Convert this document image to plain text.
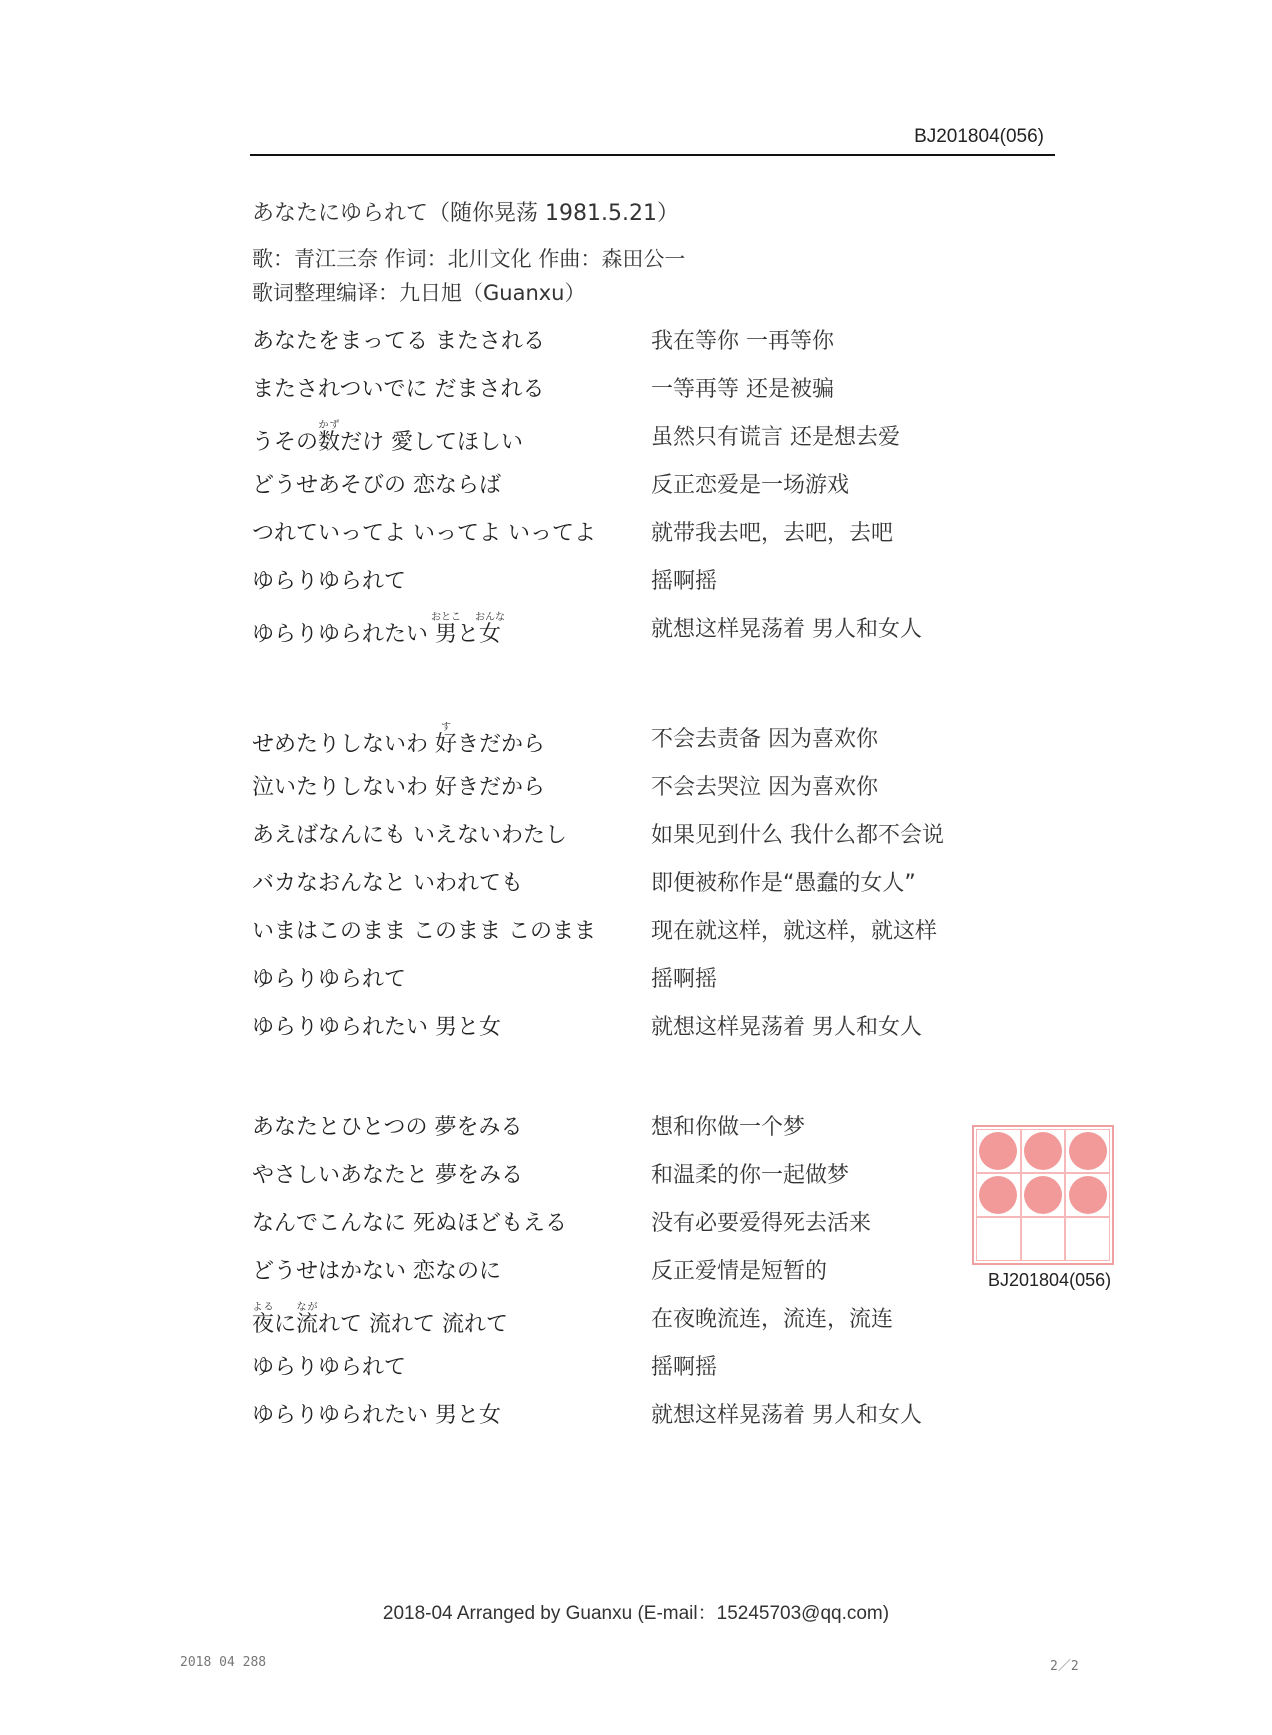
BJ201804(056)
あなたにゆられて（随你晃荡 1981.5.21）
歌：青江三奈 作词：北川文化 作曲：森田公一
歌词整理编译：九日旭（Guanxu）
あなたをまってる またされる	我在等你 一再等你
またされついでに だまされる	一等再等 还是被骗
うその数かずだけ 愛してほしい	虽然只有谎言 还是想去爱
どうせあそびの 恋ならば	反正恋爱是一场游戏
つれていってよ いってよ いってよ	就带我去吧，去吧，去吧
ゆらりゆられて	摇啊摇
ゆらりゆられたい 男おとこと女おんな	就想这样晃荡着 男人和女人
せめたりしないわ 好すきだから	不会去责备 因为喜欢你
泣いたりしないわ 好きだから	不会去哭泣 因为喜欢你
あえばなんにも いえないわたし	如果见到什么 我什么都不会说
バカなおんなと いわれても	即便被称作是“愚蠢的女人”
いまはこのまま このまま このまま	现在就这样，就这样，就这样
ゆらりゆられて	摇啊摇
ゆらりゆられたい 男と女	就想这样晃荡着 男人和女人
あなたとひとつの 夢をみる	想和你做一个梦
やさしいあなたと 夢をみる	和温柔的你一起做梦
なんでこんなに 死ぬほどもえる	没有必要爱得死去活来
どうせはかない 恋なのに	反正爱情是短暂的
夜よるに流ながれて 流れて 流れて	在夜晚流连，流连，流连
ゆらりゆられて	摇啊摇
ゆらりゆられたい 男と女	就想这样晃荡着 男人和女人
九 日 旭
BJ201804(056)
2018-04 Arranged by Guanxu (E-mail：15245703@qq.com)
2018 04 288	2／2
